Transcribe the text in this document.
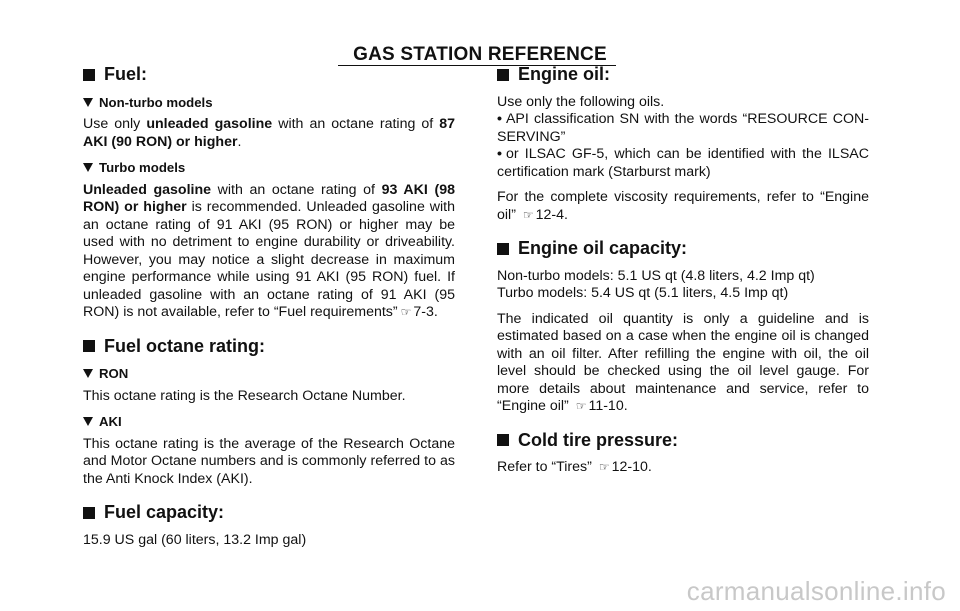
GAS STATION REFERENCE
Fuel:
Non-turbo models

Use only unleaded gasoline with an octane rating of 87 AKI (90 RON) or higher.

Turbo models

Unleaded gasoline with an octane rating of 93 AKI (98 RON) or higher is recommended. Unleaded gasoline with an octane rating of 91 AKI (95 RON) or higher may be used with no detriment to engine durability or driveability. However, you may notice a slight decrease in maximum engine performance while using 91 AKI (95 RON) fuel. If unleaded gasoline with an octane rating of 91 AKI (95 RON) is not available, refer to “Fuel requirements” ☞ 7-3.

Fuel octane rating:
RON

This octane rating is the Research Octane Number.

AKI

This octane rating is the average of the Research Octane and Motor Octane numbers and is commonly referred to as the Anti Knock Index (AKI).

Fuel capacity:

15.9 US gal (60 liters, 13.2 Imp gal)

Engine oil:

Use only the following oils.

• API classification SN with the words “RESOURCE CON-SERVING”

• or ILSAC GF-5, which can be identified with the ILSAC certification mark (Starburst mark)

For the complete viscosity requirements, refer to “Engine oil” ☞ 12-4.

Engine oil capacity:

Non-turbo models: 5.1 US qt (4.8 liters, 4.2 Imp qt)

Turbo models: 5.4 US qt (5.1 liters, 4.5 Imp qt)

The indicated oil quantity is only a guideline and is estimated based on a case when the engine oil is changed with an oil filter. After refilling the engine with oil, the oil level should be checked using the oil level gauge. For more details about maintenance and service, refer to “Engine oil” ☞ 11-10.

Cold tire pressure:

Refer to “Tires” ☞ 12-10.

carmanualsonline.info
